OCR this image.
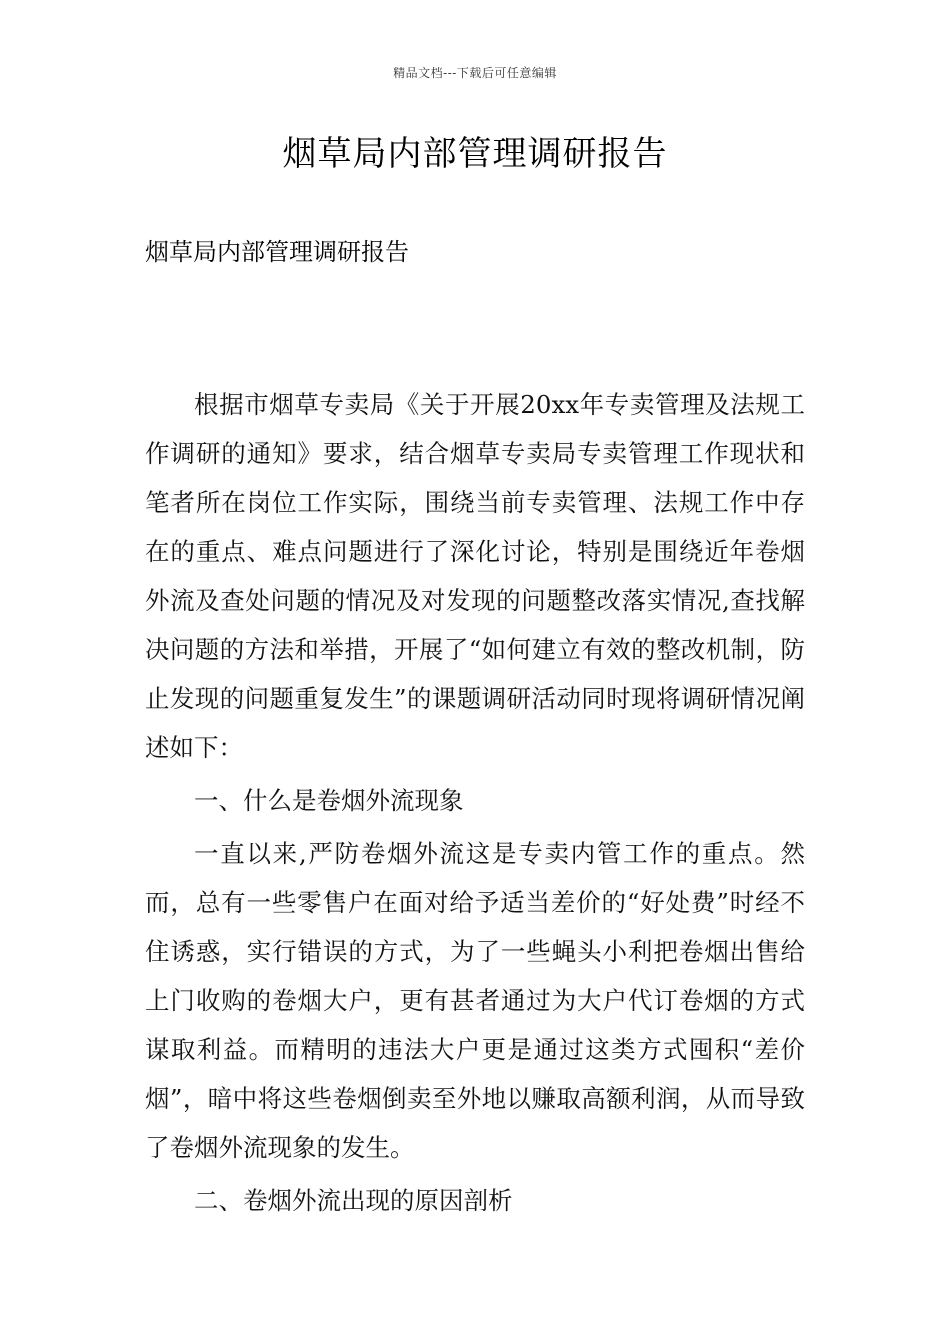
精品文档---下载后可任意编辑
烟草局内部管理调研报告
烟草局内部管理调研报告

根据市烟草专卖局《关于开展20xx年专卖管理及法规工作调研的通知》要求，结合烟草专卖局专卖管理工作现状和笔者所在岗位工作实际，围绕当前专卖管理、法规工作中存在的重点、难点问题进行了深化讨论，特别是围绕近年卷烟外流及查处问题的情况及对发现的问题整改落实情况,查找解决问题的方法和举措，开展了“如何建立有效的整改机制，防止发现的问题重复发生”的课题调研活动同时现将调研情况阐述如下：

一、什么是卷烟外流现象

一直以来,严防卷烟外流这是专卖内管工作的重点。然而，总有一些零售户在面对给予适当差价的“好处费”时经不住诱惑，实行错误的方式，为了一些蝇头小利把卷烟出售给上门收购的卷烟大户，更有甚者通过为大户代订卷烟的方式谋取利益。而精明的违法大户更是通过这类方式囤积“差价烟”，暗中将这些卷烟倒卖至外地以赚取高额利润，从而导致了卷烟外流现象的发生。

二、卷烟外流出现的原因剖析
